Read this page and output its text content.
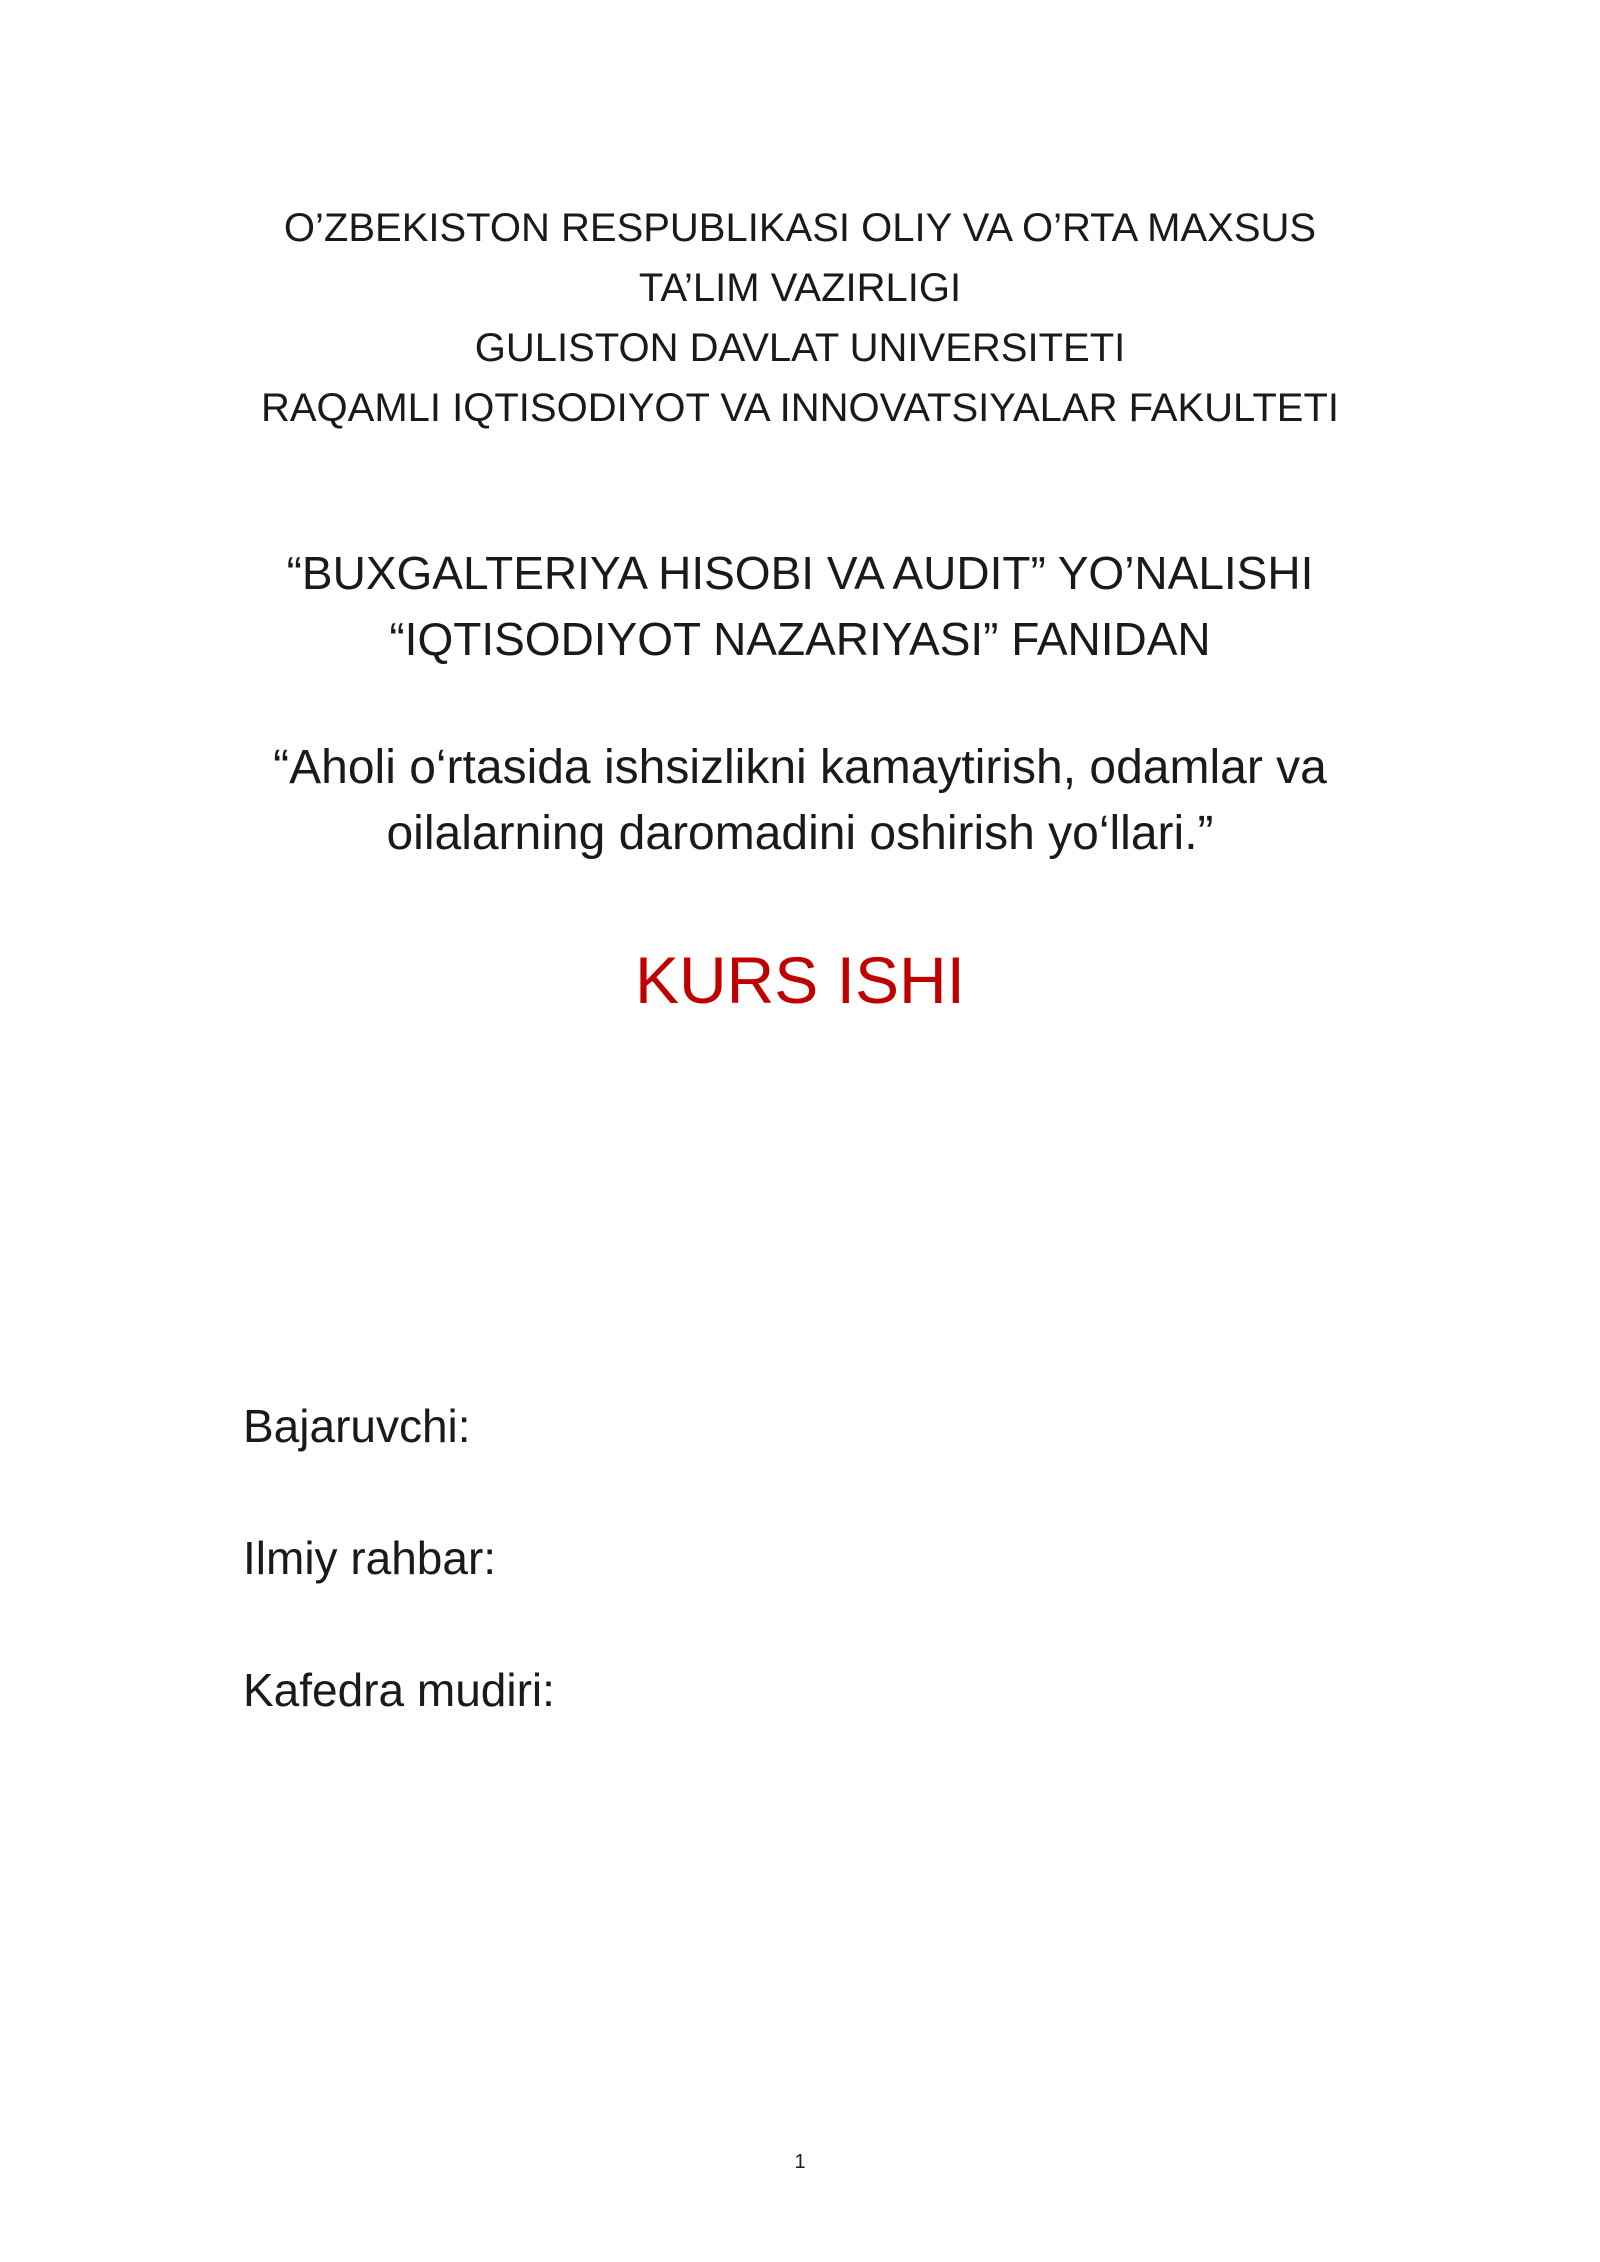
O’ZBEKISTON RESPUBLIKASI OLIY VA O’RTA MAXSUS
TA’LIM VAZIRLIGI
GULISTON DAVLAT UNIVERSITETI
RAQAMLI IQTISODIYOT VA INNOVATSIYALAR FAKULTETI
“BUXGALTERIYA HISOBI VA AUDIT” YO’NALISHI
“IQTISODIYOT NAZARIYASI” FANIDAN
“Aholi o‘rtasida ishsizlikni kamaytirish, odamlar va
oilalarning daromadini oshirish yo‘llari.”
KURS ISHI
Bajaruvchi:
Ilmiy rahbar:
Kafedra mudiri:
1
